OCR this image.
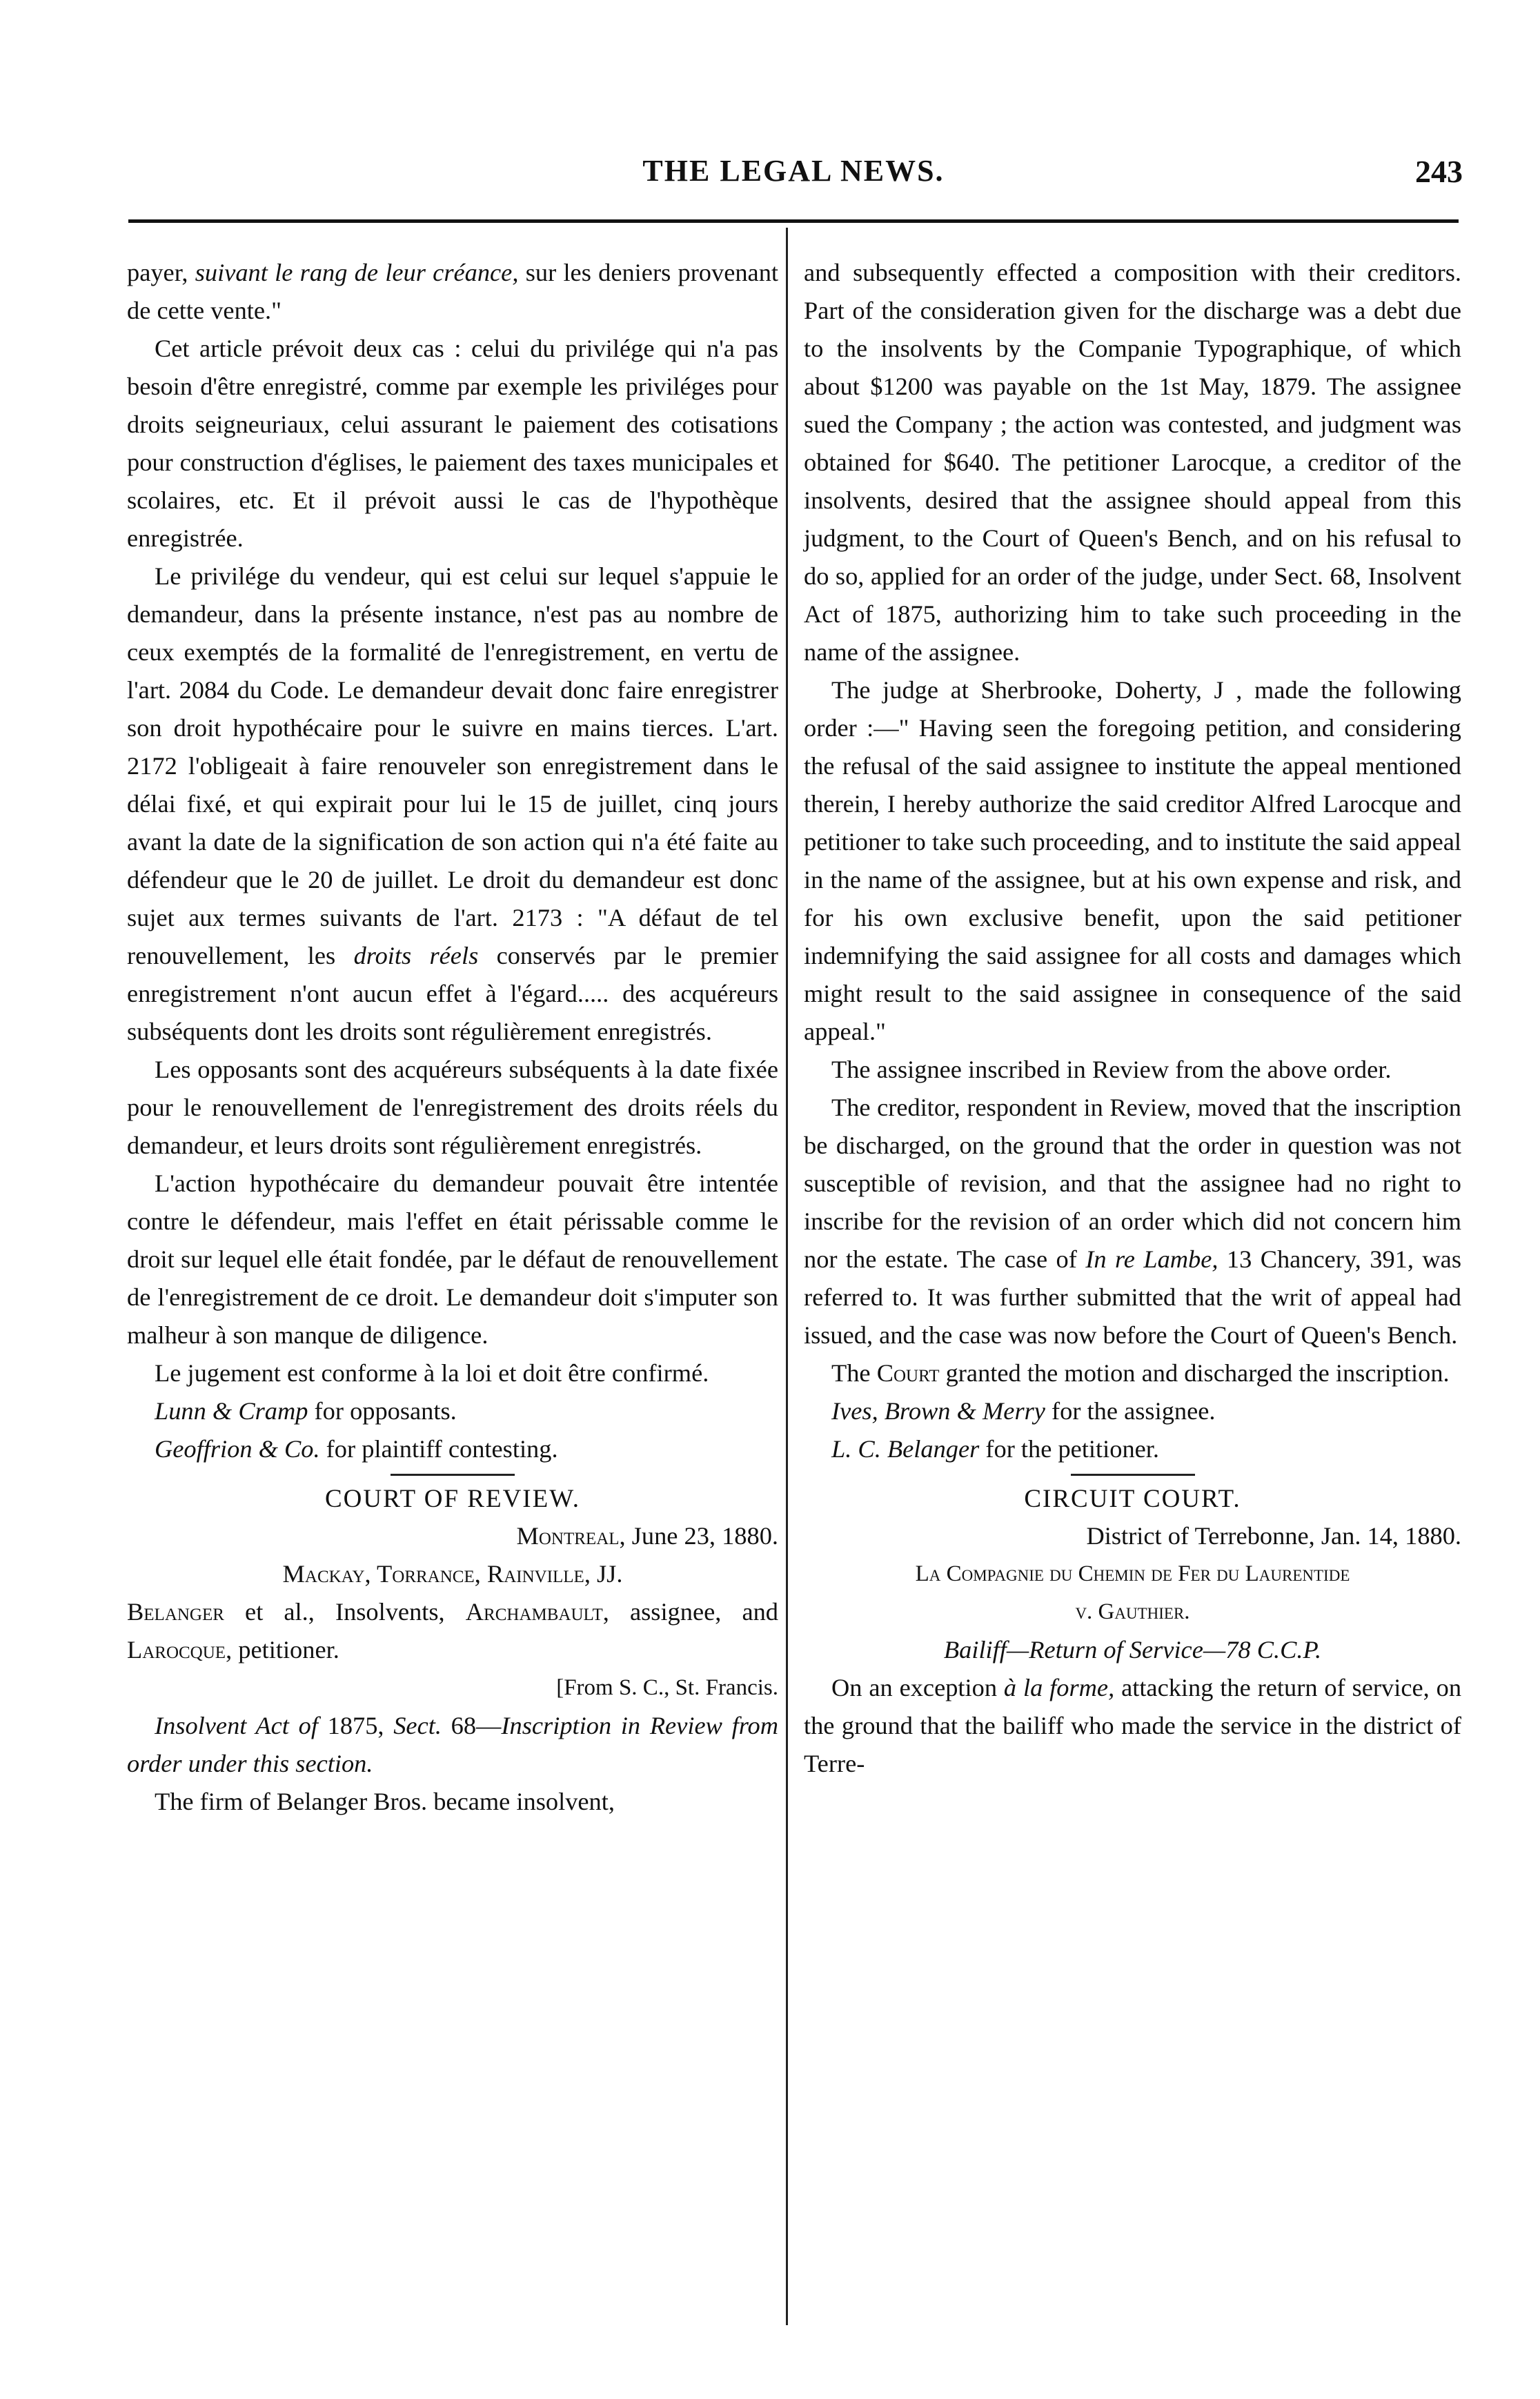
THE LEGAL NEWS.	243

payer, suivant le rang de leur créance, sur les deniers provenant de cette vente."

Cet article prévoit deux cas : celui du privilége qui n'a pas besoin d'être enregistré, comme par exemple les priviléges pour droits seigneuriaux, celui assurant le paiement des cotisations pour construction d'églises, le paiement des taxes municipales et scolaires, etc. Et il prévoit aussi le cas de l'hypothèque enregistrée.

Le privilége du vendeur, qui est celui sur lequel s'appuie le demandeur, dans la présente instance, n'est pas au nombre de ceux exemptés de la formalité de l'enregistrement, en vertu de l'art. 2084 du Code. Le demandeur devait donc faire enregistrer son droit hypothécaire pour le suivre en mains tierces. L'art. 2172 l'obligeait à faire renouveler son enregistrement dans le délai fixé, et qui expirait pour lui le 15 de juillet, cinq jours avant la date de la signification de son action qui n'a été faite au défendeur que le 20 de juillet. Le droit du demandeur est donc sujet aux termes suivants de l'art. 2173 : "A défaut de tel renouvellement, les droits réels conservés par le premier enregistrement n'ont aucun effet à l'égard..... des acquéreurs subséquents dont les droits sont régulièrement enregistrés.

Les opposants sont des acquéreurs subséquents à la date fixée pour le renouvellement de l'enregistrement des droits réels du demandeur, et leurs droits sont régulièrement enregistrés.

L'action hypothécaire du demandeur pouvait être intentée contre le défendeur, mais l'effet en était périssable comme le droit sur lequel elle était fondée, par le défaut de renouvellement de l'enregistrement de ce droit. Le demandeur doit s'imputer son malheur à son manque de diligence.

Le jugement est conforme à la loi et doit être confirmé.

Lunn & Cramp for opposants.

Geoffrion & Co. for plaintiff contesting.

COURT OF REVIEW.
Montreal, June 23, 1880.
Mackay, Torrance, Rainville, JJ.

Belanger et al., Insolvents, Archambault, assignee, and Larocque, petitioner.

[From S. C., St. Francis.

Insolvent Act of 1875, Sect. 68—Inscription in Review from order under this section.

The firm of Belanger Bros. became insolvent,

and subsequently effected a composition with their creditors. Part of the consideration given for the discharge was a debt due to the insolvents by the Companie Typographique, of which about $1200 was payable on the 1st May, 1879. The assignee sued the Company ; the action was contested, and judgment was obtained for $640. The petitioner Larocque, a creditor of the insolvents, desired that the assignee should appeal from this judgment, to the Court of Queen's Bench, and on his refusal to do so, applied for an order of the judge, under Sect. 68, Insolvent Act of 1875, authorizing him to take such proceeding in the name of the assignee.

The judge at Sherbrooke, Doherty, J , made the following order :—" Having seen the foregoing petition, and considering the refusal of the said assignee to institute the appeal mentioned therein, I hereby authorize the said creditor Alfred Larocque and petitioner to take such proceeding, and to institute the said appeal in the name of the assignee, but at his own expense and risk, and for his own exclusive benefit, upon the said petitioner indemnifying the said assignee for all costs and damages which might result to the said assignee in consequence of the said appeal."

The assignee inscribed in Review from the above order.

The creditor, respondent in Review, moved that the inscription be discharged, on the ground that the order in question was not susceptible of revision, and that the assignee had no right to inscribe for the revision of an order which did not concern him nor the estate. The case of In re Lambe, 13 Chancery, 391, was referred to. It was further submitted that the writ of appeal had issued, and the case was now before the Court of Queen's Bench.

The Court granted the motion and discharged the inscription.

Ives, Brown & Merry for the assignee.

L. C. Belanger for the petitioner.

CIRCUIT COURT.
District of Terrebonne, Jan. 14, 1880.
La Compagnie du Chemin de Fer du Laurentide
v. Gauthier.
Bailiff—Return of Service—78 C.C.P.

On an exception à la forme, attacking the return of service, on the ground that the bailiff who made the service in the district of Terre-
